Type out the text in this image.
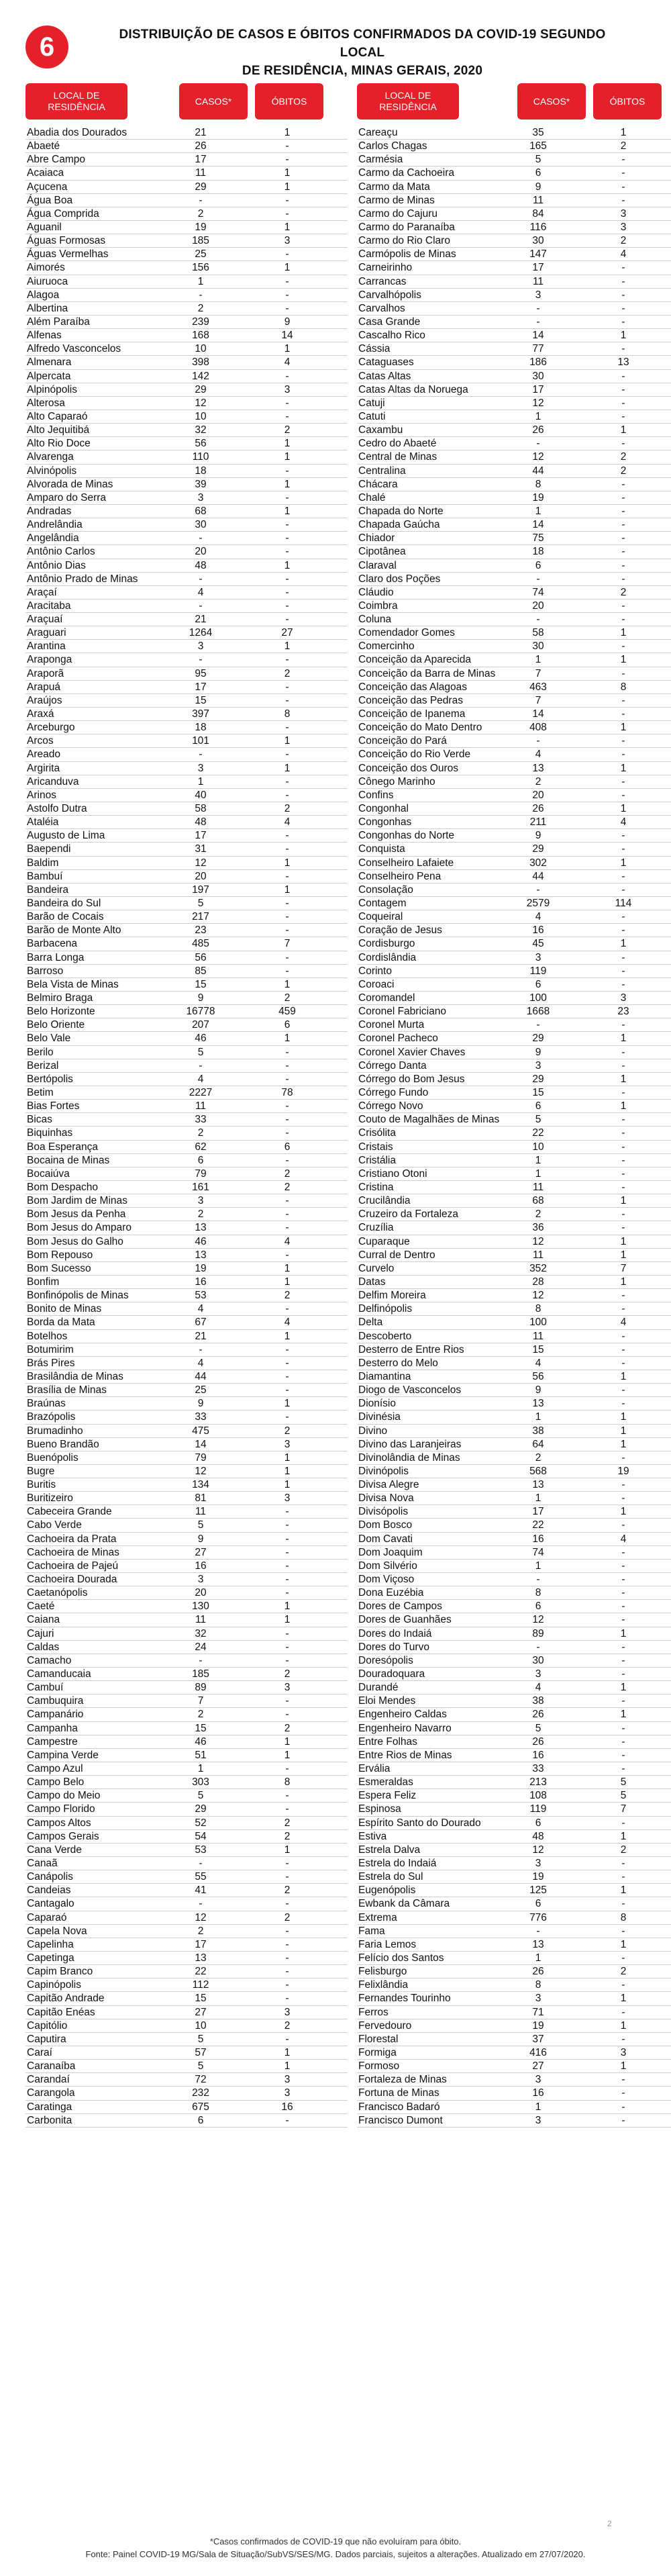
6	DISTRIBUIÇÃO DE CASOS E ÓBITOS CONFIRMADOS DA COVID-19 SEGUNDO LOCAL
DE RESIDÊNCIA, MINAS GERAIS, 2020
LOCAL DE RESIDÊNCIA
CASOS*	ÓBITOS
LOCAL DE RESIDÊNCIA
CASOS*	ÓBITOS
Abadia dos Dourados	21	1
Abaeté	26	-
Abre Campo	17	-
Acaiaca	11	1
Açucena	29	1
Água Boa	-	-
Água Comprida	2	-
Aguanil	19	1
Águas Formosas	185	3
Águas Vermelhas	25	-
Aimorés	156	1
Aiuruoca	1	-
Alagoa	-	-
Albertina	2	-
Além Paraíba	239	9
Alfenas	168	14
Alfredo Vasconcelos	10	1
Almenara	398	4
Alpercata	142	-
Alpinópolis	29	3
Alterosa	12	-
Alto Caparaó	10	-
Alto Jequitibá	32	2
Alto Rio Doce	56	1
Alvarenga	110	1
Alvinópolis	18	-
Alvorada de Minas	39	1
Amparo do Serra	3	-
Andradas	68	1
Andrelândia	30	-
Angelândia	-	-
Antônio Carlos	20	-
Antônio Dias	48	1
Antônio Prado de Minas	-	-
Araçaí	4	-
Aracitaba	-	-
Araçuaí	21	-
Araguari	1264	27
Arantina	3	1
Araponga	-	-
Araporã	95	2
Arapuá	17	-
Araújos	15	-
Araxá	397	8
Arceburgo	18	-
Arcos	101	1
Areado	-	-
Argirita	3	1
Aricanduva	1	-
Arinos	40	-
Astolfo Dutra	58	2
Ataléia	48	4
Augusto de Lima	17	-
Baependi	31	-
Baldim	12	1
Bambuí	20	-
Bandeira	197	1
Bandeira do Sul	5	-
Barão de Cocais	217	-
Barão de Monte Alto	23	-
Barbacena	485	7
Barra Longa	56	-
Barroso	85	-
Bela Vista de Minas	15	1
Belmiro Braga	9	2
Belo Horizonte	16778	459
Belo Oriente	207	6
Belo Vale	46	1
Berilo	5	-
Berizal	-	-
Bertópolis	4	-
Betim	2227	78
Bias Fortes	11	-
Bicas	33	-
Biquinhas	2	-
Boa Esperança	62	6
Bocaina de Minas	6	-
Bocaiúva	79	2
Bom Despacho	161	2
Bom Jardim de Minas	3	-
Bom Jesus da Penha	2	-
Bom Jesus do Amparo	13	-
Bom Jesus do Galho	46	4
Bom Repouso	13	-
Bom Sucesso	19	1
Bonfim	16	1
Bonfinópolis de Minas	53	2
Bonito de Minas	4	-
Borda da Mata	67	4
Botelhos	21	1
Botumirim	-	-
Brás Pires	4	-
Brasilândia de Minas	44	-
Brasília de Minas	25	-
Braúnas	9	1
Brazópolis	33	-
Brumadinho	475	2
Bueno Brandão	14	3
Buenópolis	79	1
Bugre	12	1
Buritis	134	1
Buritizeiro	81	3
Cabeceira Grande	11	-
Cabo Verde	5	-
Cachoeira da Prata	9	-
Cachoeira de Minas	27	-
Cachoeira de Pajeú	16	-
Cachoeira Dourada	3	-
Caetanópolis	20	-
Caeté	130	1
Caiana	11	1
Cajuri	32	-
Caldas	24	-
Camacho	-	-
Camanducaia	185	2
Cambuí	89	3
Cambuquira	7	-
Campanário	2	-
Campanha	15	2
Campestre	46	1
Campina Verde	51	1
Campo Azul	1	-
Campo Belo	303	8
Campo do Meio	5	-
Campo Florido	29	-
Campos Altos	52	2
Campos Gerais	54	2
Cana Verde	53	1
Canaã	-	-
Canápolis	55	-
Candeias	41	2
Cantagalo	-	-
Caparaó	12	2
Capela Nova	2	-
Capelinha	17	-
Capetinga	13	-
Capim Branco	22	-
Capinópolis	112	-
Capitão Andrade	15	-
Capitão Enéas	27	3
Capitólio	10	2
Caputira	5	-
Caraí	57	1
Caranaíba	5	1
Carandaí	72	3
Carangola	232	3
Caratinga	675	16
Carbonita	6	-
Careaçu	35	1
Carlos Chagas	165	2
Carmésia	5	-
Carmo da Cachoeira	6	-
Carmo da Mata	9	-
Carmo de Minas	11	-
Carmo do Cajuru	84	3
Carmo do Paranaíba	116	3
Carmo do Rio Claro	30	2
Carmópolis de Minas	147	4
Carneirinho	17	-
Carrancas	11	-
Carvalhópolis	3	-
Carvalhos	-	-
Casa Grande	-	-
Cascalho Rico	14	1
Cássia	77	-
Cataguases	186	13
Catas Altas	30	-
Catas Altas da Noruega	17	-
Catuji	12	-
Catuti	1	-
Caxambu	26	1
Cedro do Abaeté	-	-
Central de Minas	12	2
Centralina	44	2
Chácara	8	-
Chalé	19	-
Chapada do Norte	1	-
Chapada Gaúcha	14	-
Chiador	75	-
Cipotânea	18	-
Claraval	6	-
Claro dos Poções	-	-
Cláudio	74	2
Coimbra	20	-
Coluna	-	-
Comendador Gomes	58	1
Comercinho	30	-
Conceição da Aparecida	1	1
Conceição da Barra de Minas	7	-
Conceição das Alagoas	463	8
Conceição das Pedras	7	-
Conceição de Ipanema	14	-
Conceição do Mato Dentro	408	1
Conceição do Pará	-	-
Conceição do Rio Verde	4	-
Conceição dos Ouros	13	1
Cônego Marinho	2	-
Confins	20	-
Congonhal	26	1
Congonhas	211	4
Congonhas do Norte	9	-
Conquista	29	-
Conselheiro Lafaiete	302	1
Conselheiro Pena	44	-
Consolação	-	-
Contagem	2579	114
Coqueiral	4	-
Coração de Jesus	16	-
Cordisburgo	45	1
Cordislândia	3	-
Corinto	119	-
Coroaci	6	-
Coromandel	100	3
Coronel Fabriciano	1668	23
Coronel Murta	-	-
Coronel Pacheco	29	1
Coronel Xavier Chaves	9	-
Córrego Danta	3	-
Córrego do Bom Jesus	29	1
Córrego Fundo	15	-
Córrego Novo	6	1
Couto de Magalhães de Minas	5	-
Crisólita	22	-
Cristais	10	-
Cristália	1	-
Cristiano Otoni	1	-
Cristina	11	-
Crucilândia	68	1
Cruzeiro da Fortaleza	2	-
Cruzília	36	-
Cuparaque	12	1
Curral de Dentro	11	1
Curvelo	352	7
Datas	28	1
Delfim Moreira	12	-
Delfinópolis	8	-
Delta	100	4
Descoberto	11	-
Desterro de Entre Rios	15	-
Desterro do Melo	4	-
Diamantina	56	1
Diogo de Vasconcelos	9	-
Dionísio	13	-
Divinésia	1	1
Divino	38	1
Divino das Laranjeiras	64	1
Divinolândia de Minas	2	-
Divinópolis	568	19
Divisa Alegre	13	-
Divisa Nova	1	-
Divisópolis	17	1
Dom Bosco	22	-
Dom Cavati	16	4
Dom Joaquim	74	-
Dom Silvério	1	-
Dom Viçoso	-	-
Dona Euzébia	8	-
Dores de Campos	6	-
Dores de Guanhães	12	-
Dores do Indaiá	89	1
Dores do Turvo	-	-
Doresópolis	30	-
Douradoquara	3	-
Durandé	4	1
Eloi Mendes	38	-
Engenheiro Caldas	26	1
Engenheiro Navarro	5	-
Entre Folhas	26	-
Entre Rios de Minas	16	-
Ervália	33	-
Esmeraldas	213	5
Espera Feliz	108	5
Espinosa	119	7
Espírito Santo do Dourado	6	-
Estiva	48	1
Estrela Dalva	12	2
Estrela do Indaiá	3	-
Estrela do Sul	19	-
Eugenópolis	125	1
Ewbank da Câmara	6	-
Extrema	776	8
Fama	-	-
Faria Lemos	13	1
Felício dos Santos	1	-
Felisburgo	26	2
Felixlândia	8	-
Fernandes Tourinho	3	1
Ferros	71	-
Fervedouro	19	1
Florestal	37	-
Formiga	416	3
Formoso	27	1
Fortaleza de Minas	3	-
Fortuna de Minas	16	-
Francisco Badaró	1	-
Francisco Dumont	3	-
2
*Casos confirmados de COVID-19 que não evoluíram para óbito.
Fonte: Painel COVID-19 MG/Sala de Situação/SubVS/SES/MG. Dados parciais, sujeitos a alterações. Atualizado em 27/07/2020.
